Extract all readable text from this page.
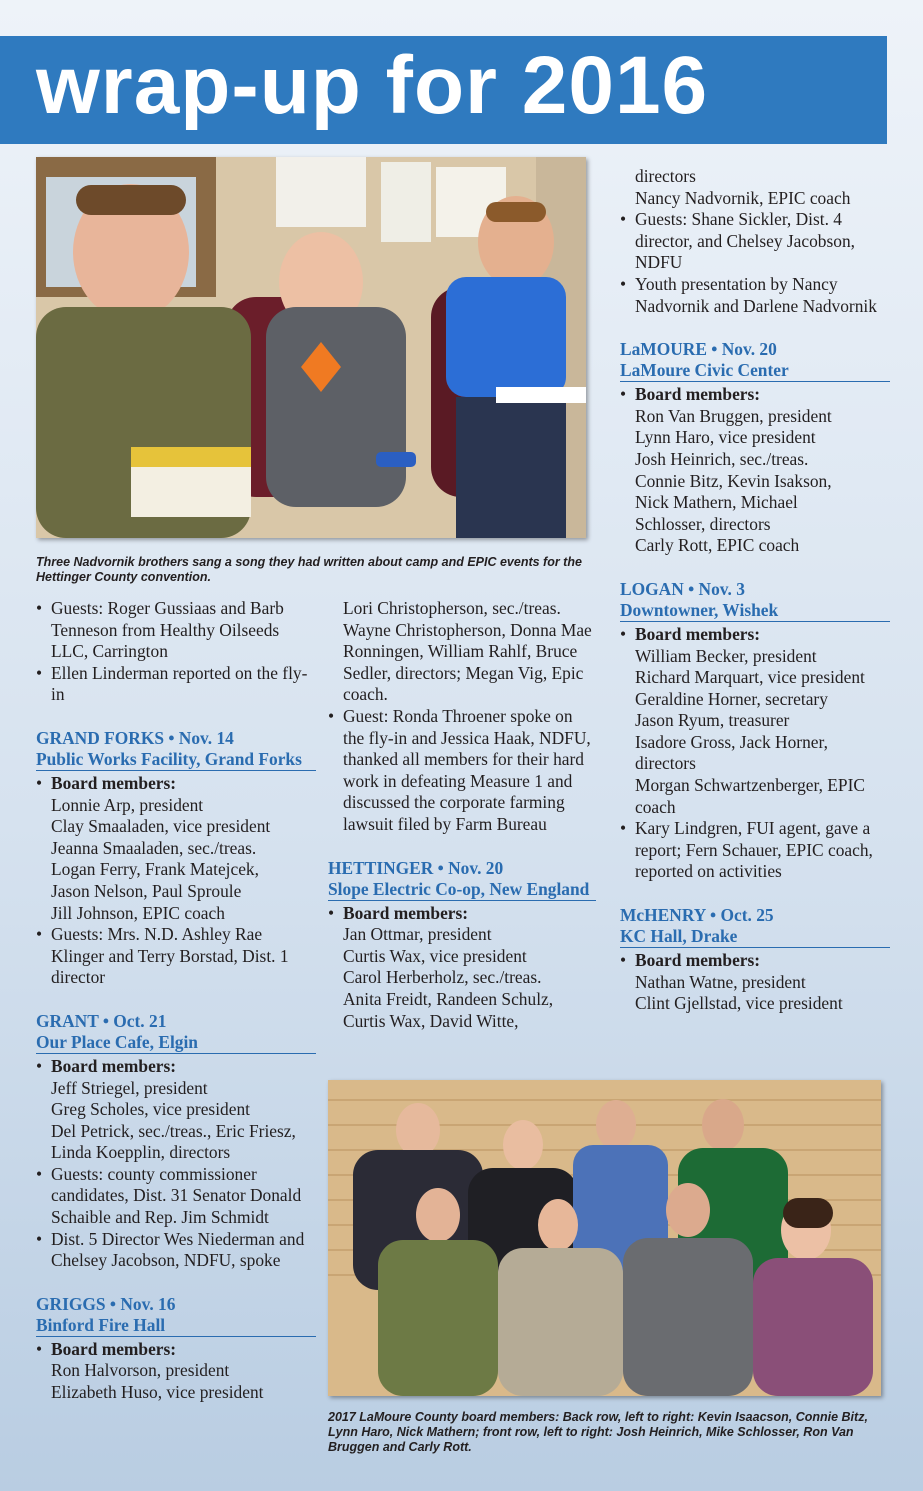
wrap-up for 2016
Three Nadvornik brothers sang a song they had written about camp and EPIC events for the Hettinger County convention.
• Guests: Roger Gussiaas and Barb Tenneson from Healthy Oilseeds LLC, Carrington
• Ellen Linderman reported on the fly-in
GRAND FORKS • Nov. 14
Public Works Facility, Grand Forks
• Board members:

Lonnie Arp, president

Clay Smaaladen, vice president

Jeanna Smaaladen, sec./treas.

Logan Ferry, Frank Matejcek,

Jason Nelson, Paul Sproule

Jill Johnson, EPIC coach

• Guests: Mrs. N.D. Ashley Rae Klinger and Terry Borstad, Dist. 1 director
GRANT • Oct. 21
Our Place Cafe, Elgin
• Board members:

Jeff Striegel, president

Greg Scholes, vice president

Del Petrick, sec./treas., Eric Friesz, Linda Koepplin, directors

• Guests: county commissioner candidates, Dist. 31 Senator Donald Schaible and Rep. Jim Schmidt
• Dist. 5 Director Wes Niederman and Chelsey Jacobson, NDFU, spoke
GRIGGS • Nov. 16
Binford Fire Hall
• Board members:

Ron Halvorson, president

Elizabeth Huso, vice president

Lori Christopherson, sec./treas.

Wayne Christopherson, Donna Mae Ronningen, William Rahlf, Bruce Sedler, directors; Megan Vig, Epic coach.

• Guest: Ronda Throener spoke on the fly-in and Jessica Haak, NDFU, thanked all members for their hard work in defeating Measure 1 and discussed the corporate farming lawsuit filed by Farm Bureau
HETTINGER • Nov. 20
Slope Electric Co-op, New England
• Board members:

Jan Ottmar, president

Curtis Wax, vice president

Carol Herberholz, sec./treas.

Anita Freidt, Randeen Schulz,

Curtis Wax, David Witte,

directors

Nancy Nadvornik, EPIC coach

• Guests: Shane Sickler, Dist. 4 director, and Chelsey Jacobson, NDFU
• Youth presentation by Nancy Nadvornik and Darlene Nadvornik
LaMOURE • Nov. 20
LaMoure Civic Center
• Board members:

Ron Van Bruggen, president

Lynn Haro, vice president

Josh Heinrich, sec./treas.

Connie Bitz, Kevin Isakson,

Nick Mathern, Michael

Schlosser, directors

Carly Rott, EPIC coach

LOGAN • Nov. 3
Downtowner, Wishek
• Board members:

William Becker, president

Richard Marquart, vice president

Geraldine Horner, secretary

Jason Ryum, treasurer

Isadore Gross, Jack Horner, directors

Morgan Schwartzenberger, EPIC coach

• Kary Lindgren, FUI agent, gave a report; Fern Schauer, EPIC coach, reported on activities
McHENRY • Oct. 25
KC Hall, Drake
• Board members:

Nathan Watne, president

Clint Gjellstad, vice president

2017 LaMoure County board members: Back row, left to right: Kevin Isaacson, Connie Bitz, Lynn Haro, Nick Mathern; front row, left to right: Josh Heinrich, Mike Schlosser, Ron Van Bruggen and Carly Rott.
